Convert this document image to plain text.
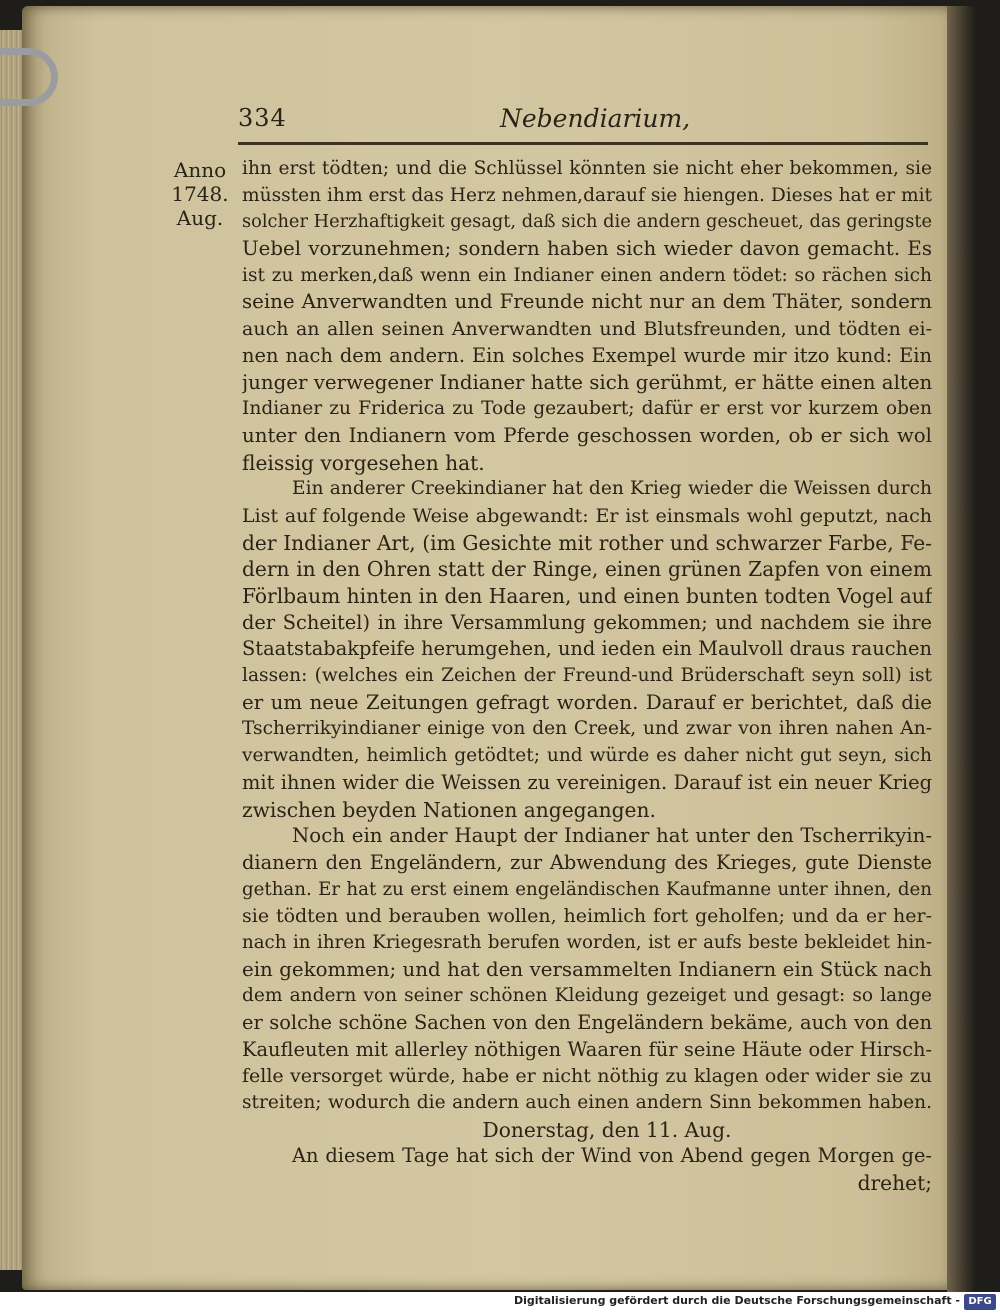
334	Nebendiarium,
Anno
1748.
Aug.
ihn erst tödten; und die Schlüssel könnten sie nicht eher bekommen, sie
müssten ihm erst das Herz nehmen,darauf sie hiengen. Dieses hat er mit
solcher Herzhaftigkeit gesagt, daß sich die andern gescheuet, das geringste
Uebel vorzunehmen; sondern haben sich wieder davon gemacht. Es
ist zu merken,daß wenn ein Indianer einen andern tödet: so rächen sich
seine Anverwandten und Freunde nicht nur an dem Thäter, sondern
auch an allen seinen Anverwandten und Blutsfreunden, und tödten ei-
nen nach dem andern. Ein solches Exempel wurde mir itzo kund: Ein
junger verwegener Indianer hatte sich gerühmt, er hätte einen alten
Indianer zu Friderica zu Tode gezaubert; dafür er erst vor kurzem oben
unter den Indianern vom Pferde geschossen worden, ob er sich wol
fleissig vorgesehen hat.
Ein anderer Creekindianer hat den Krieg wieder die Weissen durch
List auf folgende Weise abgewandt: Er ist einsmals wohl geputzt, nach
der Indianer Art, (im Gesichte mit rother und schwarzer Farbe, Fe-
dern in den Ohren statt der Ringe, einen grünen Zapfen von einem
Förlbaum hinten in den Haaren, und einen bunten todten Vogel auf
der Scheitel) in ihre Versammlung gekommen; und nachdem sie ihre
Staatstabakpfeife herumgehen, und ieden ein Maulvoll draus rauchen
lassen: (welches ein Zeichen der Freund-und Brüderschaft seyn soll) ist
er um neue Zeitungen gefragt worden. Darauf er berichtet, daß die
Tscherrikyindianer einige von den Creek, und zwar von ihren nahen An-
verwandten, heimlich getödtet; und würde es daher nicht gut seyn, sich
mit ihnen wider die Weissen zu vereinigen. Darauf ist ein neuer Krieg
zwischen beyden Nationen angegangen.
Noch ein ander Haupt der Indianer hat unter den Tscherrikyin-
dianern den Engeländern, zur Abwendung des Krieges, gute Dienste
gethan. Er hat zu erst einem engeländischen Kaufmanne unter ihnen, den
sie tödten und berauben wollen, heimlich fort geholfen; und da er her-
nach in ihren Kriegesrath berufen worden, ist er aufs beste bekleidet hin-
ein gekommen; und hat den versammelten Indianern ein Stück nach
dem andern von seiner schönen Kleidung gezeiget und gesagt: so lange
er solche schöne Sachen von den Engeländern bekäme, auch von den
Kaufleuten mit allerley nöthigen Waaren für seine Häute oder Hirsch-
felle versorget würde, habe er nicht nöthig zu klagen oder wider sie zu
streiten; wodurch die andern auch einen andern Sinn bekommen haben.
Donerstag, den 11. Aug.
An diesem Tage hat sich der Wind von Abend gegen Morgen ge-
drehet;
Digitalisierung gefördert durch die Deutsche Forschungsgemeinschaft - DFG
